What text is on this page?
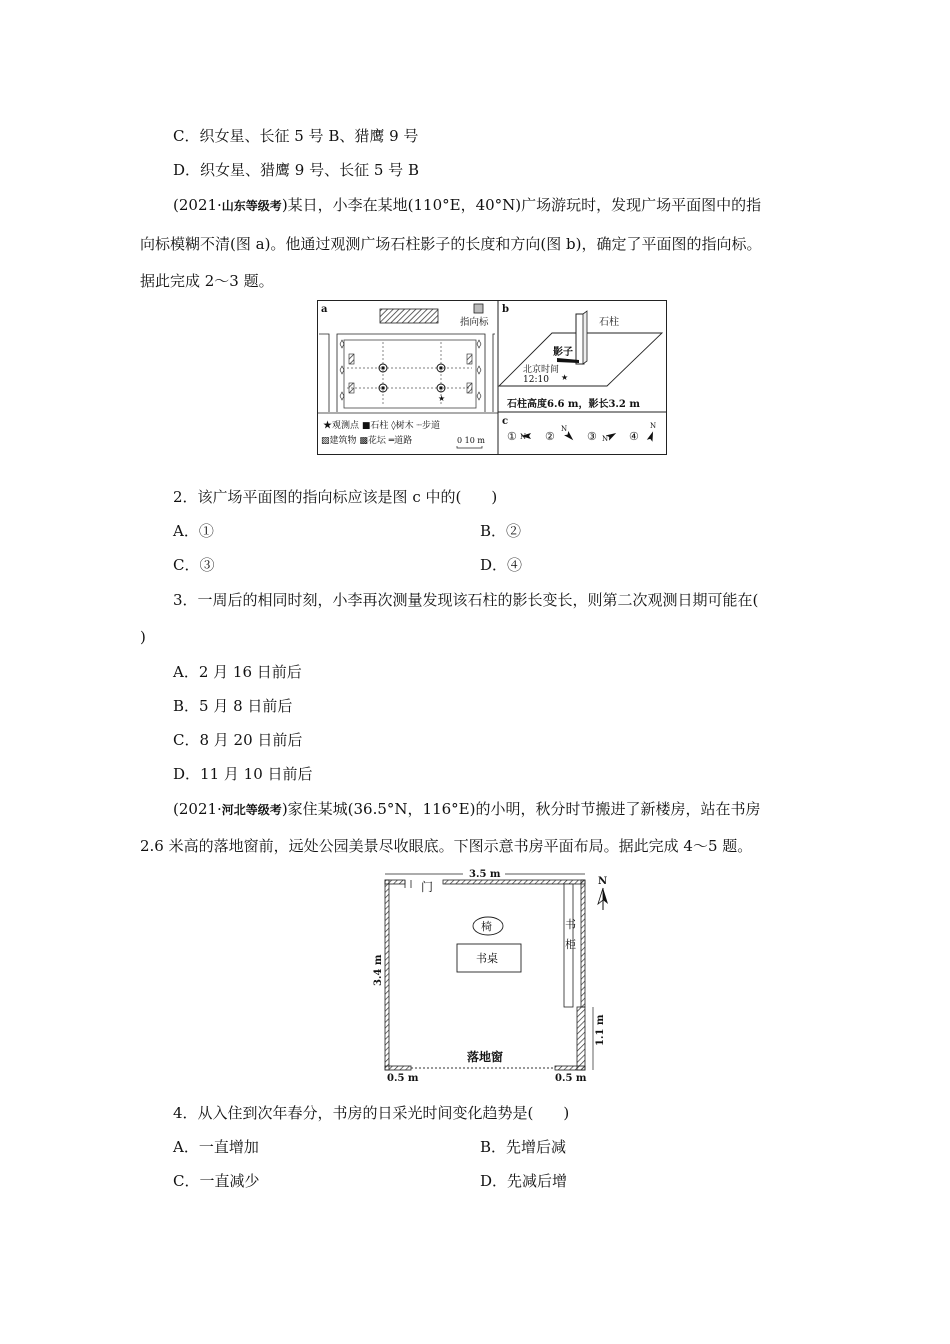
C．织女星、长征 5 号 B、猎鹰 9 号
D．织女星、猎鹰 9 号、长征 5 号 B
(2021·山东等级考)某日，小李在某地(110°E，40°N)广场游玩时，发现广场平面图中的指
向标模糊不清(图 a)。他通过观测广场石柱影子的长度和方向(图 b)，确定了平面图的指向标。
据此完成 2～3 题。
a
指向标
★
★观测点 ■石柱 ◊树木 ┈步道
▨建筑物 ▩花坛 ═道路	0 10 m
b
石柱
影子
北京时间
12:10 ★
石柱高度6.6 m，影长3.2 m
c
① N ②
N
③ N ④
N
2．该广场平面图的指向标应该是图 c 中的(　　)
A．①	B．②
C．③	D．④
3．一周后的相同时刻，小李再次测量发现该石柱的影长变长，则第二次观测日期可能在(
)
A．2 月 16 日前后
B．5 月 8 日前后
C．8 月 20 日前后
D．11 月 10 日前后
(2021·河北等级考)家住某城(36.5°N，116°E)的小明，秋分时节搬进了新楼房，站在书房
2.6 米高的落地窗前，远处公园美景尽收眼底。下图示意书房平面布局。据此完成 4～5 题。
3.5 m
门
椅
书桌
书
柜
3.4 m
1.1 m
落地窗
0.5 m	0.5 m
N
4．从入住到次年春分，书房的日采光时间变化趋势是(　　)
A．一直增加	B．先增后减
C．一直减少	D．先减后增
